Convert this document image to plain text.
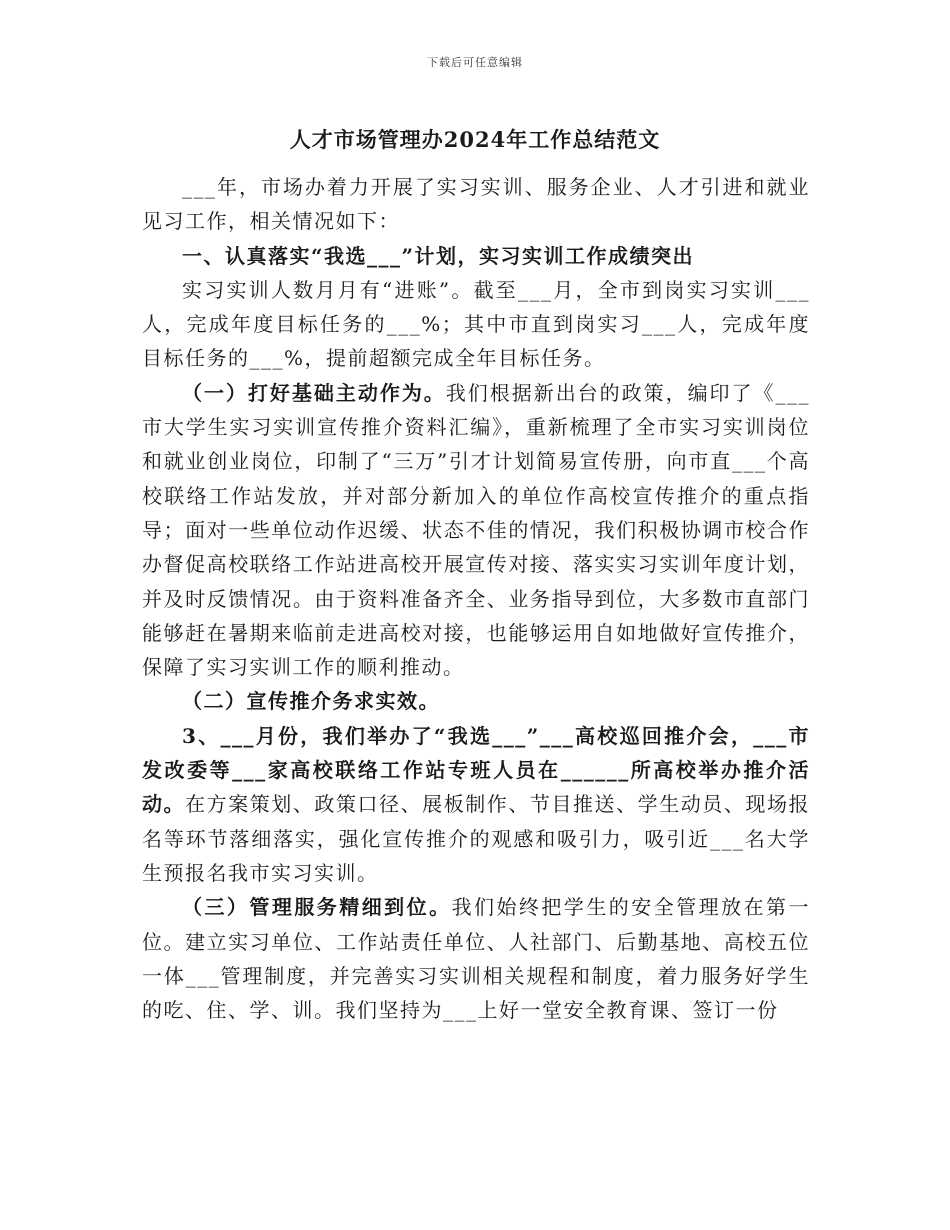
下载后可任意编辑
人才市场管理办2024年工作总结范文

___年，市场办着力开展了实习实训、服务企业、人才引进和就业见习工作，相关情况如下：

一、认真落实“我选___”计划，实习实训工作成绩突出

实习实训人数月月有“进账”。截至___月，全市到岗实习实训___人，完成年度目标任务的___%；其中市直到岗实习___人，完成年度目标任务的___%，提前超额完成全年目标任务。

（一）打好基础主动作为。我们根据新出台的政策，编印了《___市大学生实习实训宣传推介资料汇编》，重新梳理了全市实习实训岗位和就业创业岗位，印制了“三万”引才计划简易宣传册，向市直___个高校联络工作站发放，并对部分新加入的单位作高校宣传推介的重点指导；面对一些单位动作迟缓、状态不佳的情况，我们积极协调市校合作办督促高校联络工作站进高校开展宣传对接、落实实习实训年度计划，并及时反馈情况。由于资料准备齐全、业务指导到位，大多数市直部门能够赶在暑期来临前走进高校对接，也能够运用自如地做好宣传推介，保障了实习实训工作的顺利推动。

（二）宣传推介务求实效。

3、___月份，我们举办了“我选___”___高校巡回推介会，___市发改委等___家高校联络工作站专班人员在______所高校举办推介活动。在方案策划、政策口径、展板制作、节目推送、学生动员、现场报名等环节落细落实，强化宣传推介的观感和吸引力，吸引近___名大学生预报名我市实习实训。

（三）管理服务精细到位。我们始终把学生的安全管理放在第一位。建立实习单位、工作站责任单位、人社部门、后勤基地、高校五位一体___管理制度，并完善实习实训相关规程和制度，着力服务好学生的吃、住、学、训。我们坚持为___上好一堂安全教育课、签订一份
